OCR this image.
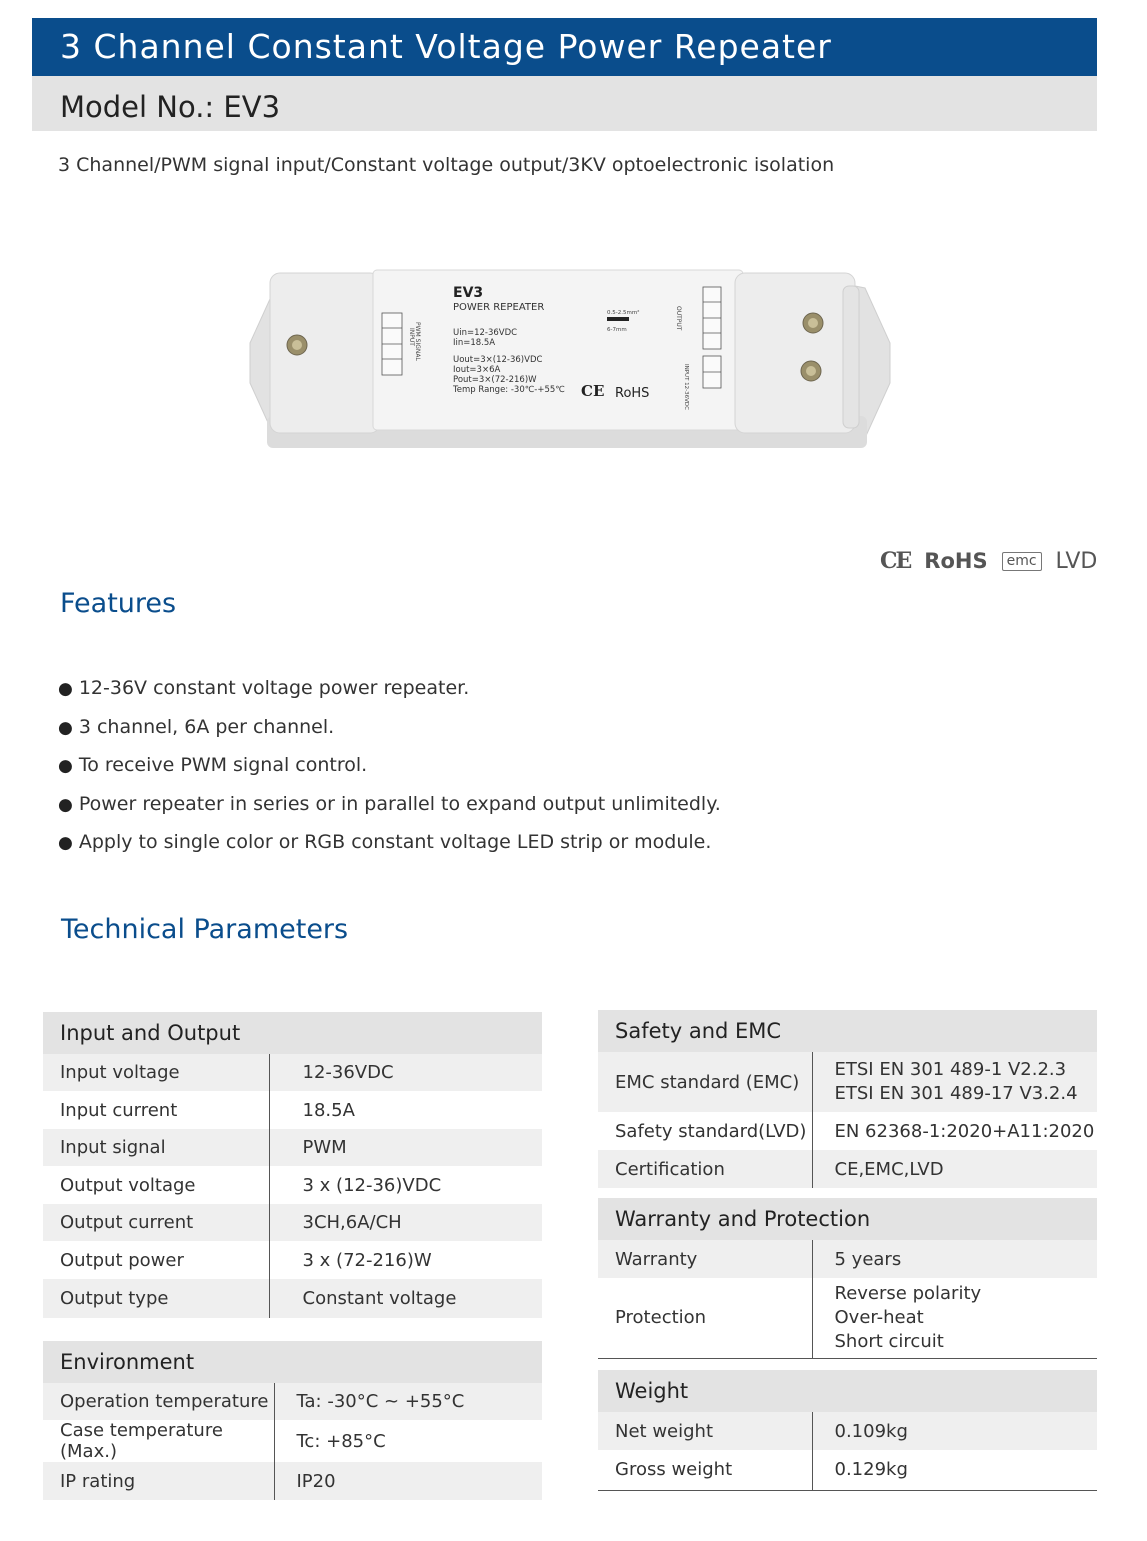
3 Channel Constant Voltage Power Repeater
Model No.: EV3
3 Channel/PWM signal input/Constant voltage output/3KV optoelectronic isolation
INPUT PWM SIGNAL
EV3
POWER REPEATER
Uin=12-36VDC
Iin=18.5A
Uout=3×(12-36)VDC
Iout=3×6A
Pout=3×(72-216)W
Temp Range: -30℃-+55℃ CE RoHS
0.5-2.5mm²
6-7mm	OUTPUT
INPUT 12-36VDC
CE RoHS	emc LVD
Features
● 12-36V constant voltage power repeater.
● 3 channel, 6A per channel.
● To receive PWM signal control.
● Power repeater in series or in parallel to expand output unlimitedly.
● Apply to single color or RGB constant voltage LED strip or module.
Technical Parameters
Input and Output	
Input voltage	12-36VDC
Input current	18.5A
Input signal	PWM
Output voltage	3 x (12-36)VDC
Output current	3CH,6A/CH
Output power	3 x (72-216)W
Output type	Constant voltage
Environment	
Operation temperature	Ta: -30°C ~ +55°C
Case temperature (Max.)	Tc: +85°C
IP rating	IP20
Safety and EMC	
EMC standard (EMC)	ETSI EN 301 489-1 V2.2.3
ETSI EN 301 489-17 V3.2.4

Safety standard(LVD)	EN 62368-1:2020+A11:2020
Certification	CE,EMC,LVD
Warranty and Protection	
Warranty	5 years
Protection	Reverse polarity
Over-heat
Short circuit
Weight	
Net weight	0.109kg
Gross weight	0.129kg
